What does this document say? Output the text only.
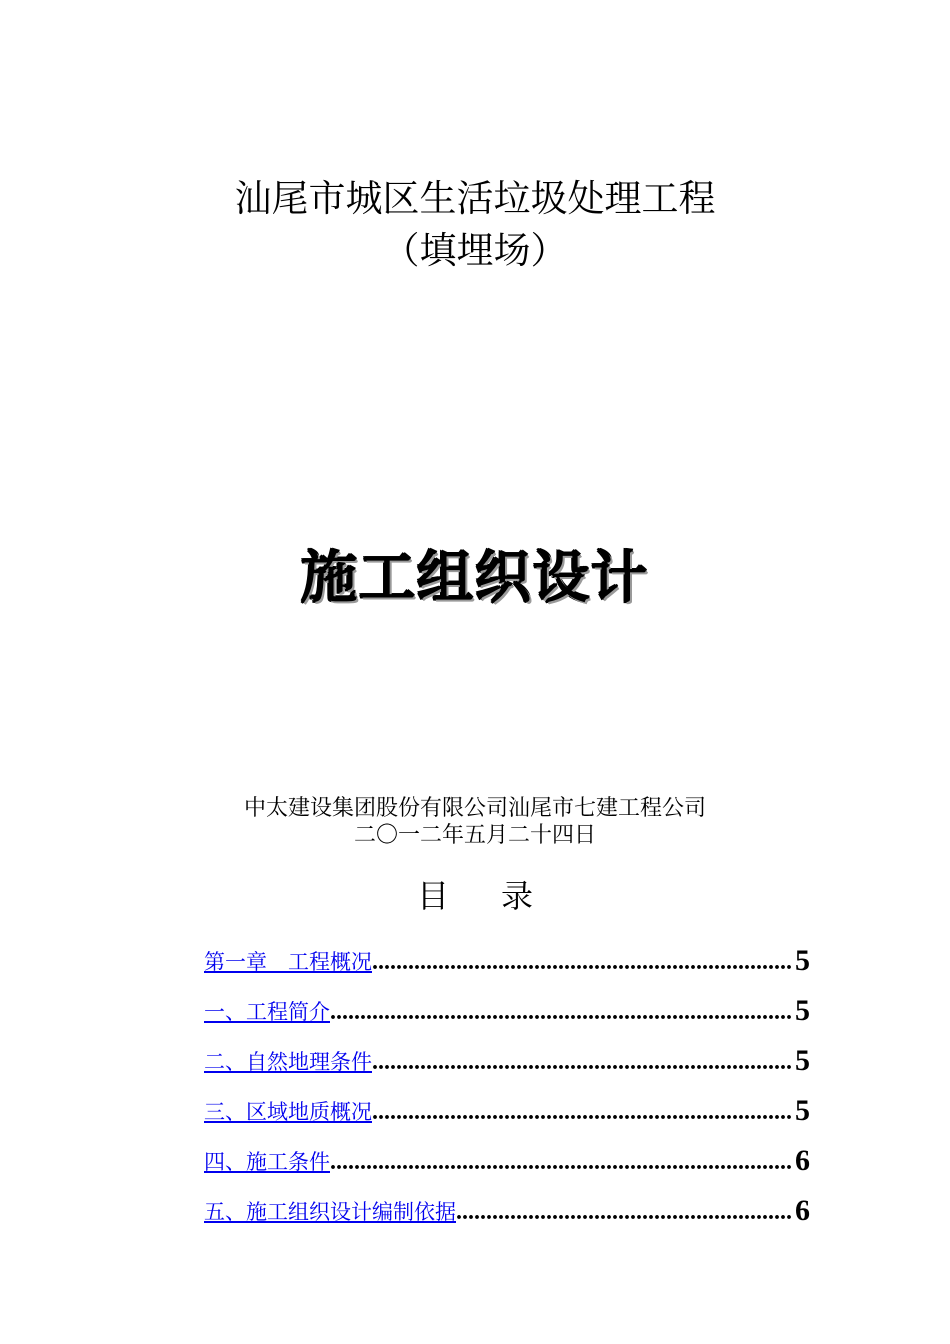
汕尾市城区生活垃圾处理工程
（填埋场）
施工组织设计
中太建设集团股份有限公司汕尾市七建工程公司
二〇一二年五月二十四日
目 录
第一章　工程概况 .....	5
一、工程简介 .....	5
二、自然地理条件 .....	5
三、区域地质概况 .....	5
四、施工条件 .....	6
五、施工组织设计编制依据 .....	6
